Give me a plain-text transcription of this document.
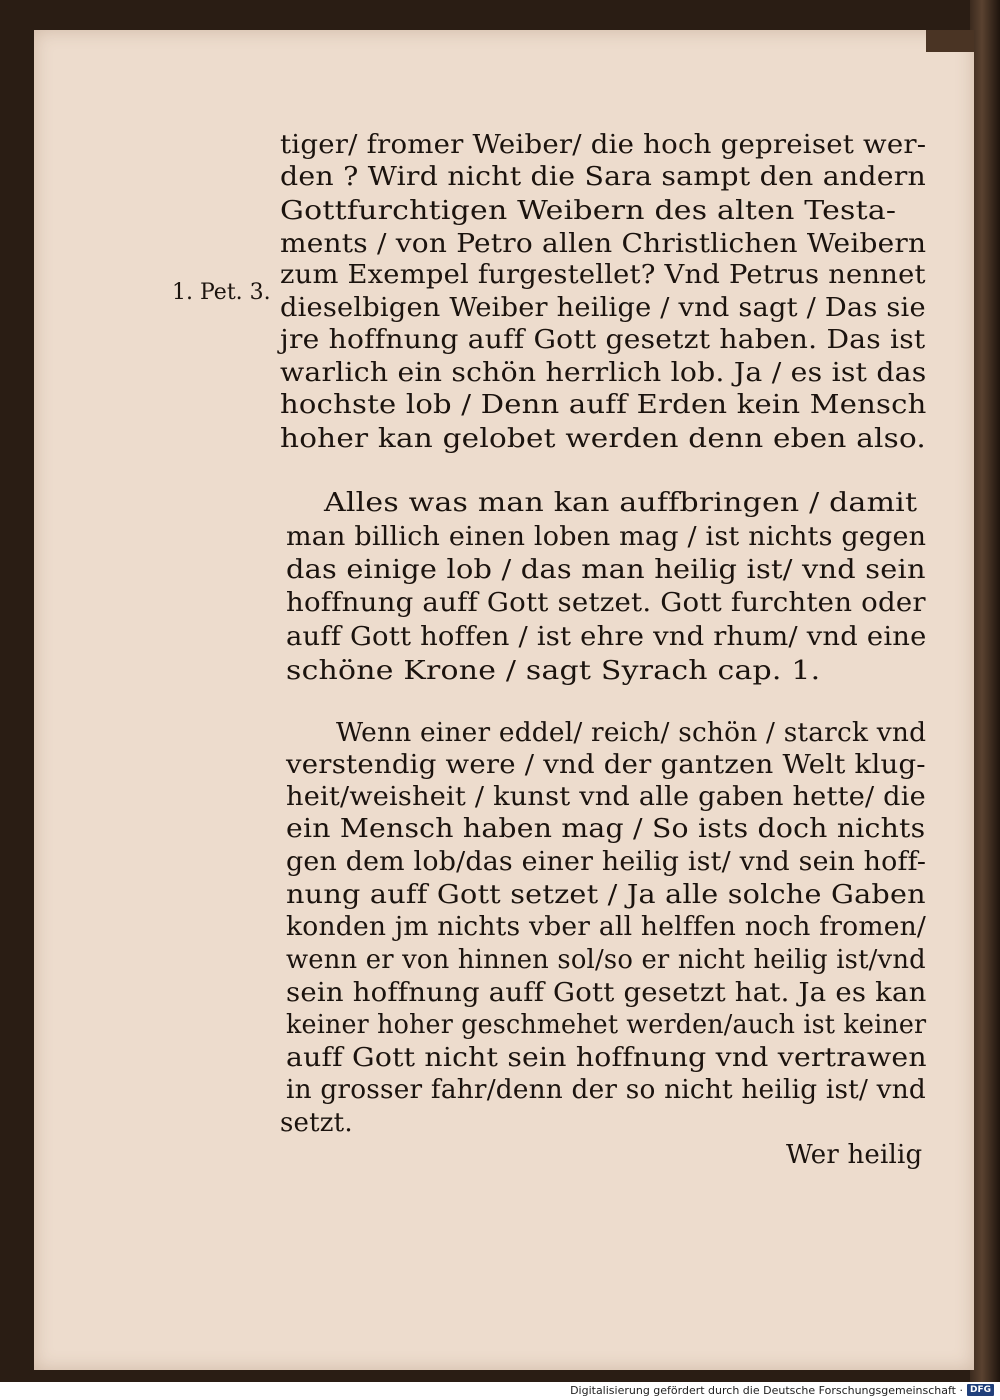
1. Pet. 3.
tiger/ fromer Weiber/ die hoch gepreiset wer-
den ? Wird nicht die Sara sampt den andern
Gottfurchtigen Weibern des alten Testa-
ments / von Petro allen Christlichen Weibern
zum Exempel furgestellet? Vnd Petrus nennet
dieselbigen Weiber heilige / vnd sagt / Das sie
jre hoffnung auff Gott gesetzt haben. Das ist
warlich ein schön herrlich lob. Ja / es ist das
hochste lob / Denn auff Erden kein Mensch
hoher kan gelobet werden denn eben also.
Alles was man kan auffbringen / damit
man billich einen loben mag / ist nichts gegen
das einige lob / das man heilig ist/ vnd sein
hoffnung auff Gott setzet. Gott furchten oder
auff Gott hoffen / ist ehre vnd rhum/ vnd eine
schöne Krone / sagt Syrach cap. 1.
Wenn einer eddel/ reich/ schön / starck vnd
verstendig were / vnd der gantzen Welt klug-
heit/weisheit / kunst vnd alle gaben hette/ die
ein Mensch haben mag / So ists doch nichts
gen dem lob/das einer heilig ist/ vnd sein hoff-
nung auff Gott setzet / Ja alle solche Gaben
konden jm nichts vber all helffen noch fromen/
wenn er von hinnen sol/so er nicht heilig ist/vnd
sein hoffnung auff Gott gesetzt hat. Ja es kan
keiner hoher geschmehet werden/auch ist keiner
auff Gott nicht sein hoffnung vnd vertrawen
in grosser fahr/denn der so nicht heilig ist/ vnd
setzt.
Wer heilig
Digitalisierung gefördert durch die Deutsche Forschungsgemeinschaft · DFG
